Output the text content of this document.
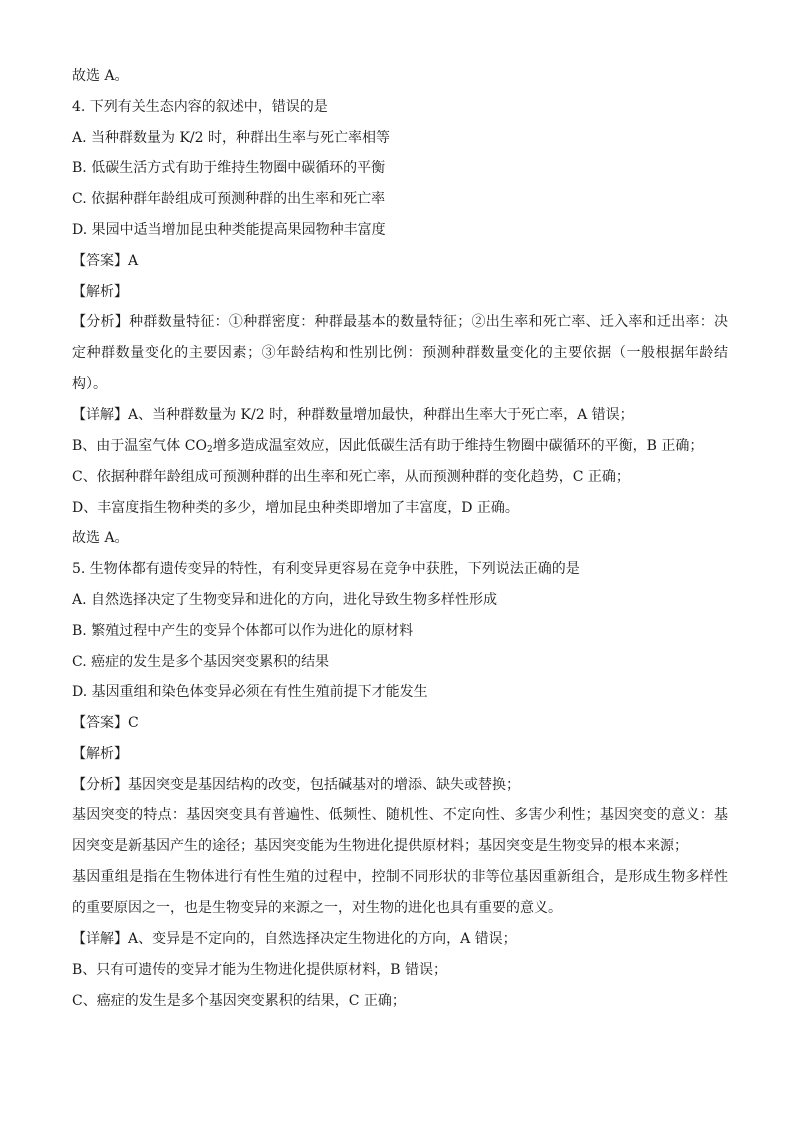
故选 A。

4. 下列有关生态内容的叙述中，错误的是

A. 当种群数量为 K/2 时，种群出生率与死亡率相等

B. 低碳生活方式有助于维持生物圈中碳循环的平衡

C. 依据种群年龄组成可预测种群的出生率和死亡率

D. 果园中适当增加昆虫种类能提高果园物种丰富度

【答案】A

【解析】

【分析】种群数量特征：①种群密度：种群最基本的数量特征；②出生率和死亡率、迁入率和迁出率：决定种群数量变化的主要因素；③年龄结构和性别比例：预测种群数量变化的主要依据（一般根据年龄结构）。

【详解】A、当种群数量为 K/2 时，种群数量增加最快，种群出生率大于死亡率，A 错误；

B、由于温室气体 $CO_2$增多造成温室效应，因此低碳生活有助于维持生物圈中碳循环的平衡，B 正确；

C、依据种群年龄组成可预测种群的出生率和死亡率，从而预测种群的变化趋势，C 正确；

D、丰富度指生物种类的多少，增加昆虫种类即增加了丰富度，D 正确。

故选 A。

5. 生物体都有遗传变异的特性，有利变异更容易在竞争中获胜，下列说法正确的是

A. 自然选择决定了生物变异和进化的方向，进化导致生物多样性形成

B. 繁殖过程中产生的变异个体都可以作为进化的原材料

C. 癌症的发生是多个基因突变累积的结果

D. 基因重组和染色体变异必须在有性生殖前提下才能发生

【答案】C

【解析】

【分析】基因突变是基因结构的改变，包括碱基对的增添、缺失或替换；

基因突变的特点：基因突变具有普遍性、低频性、随机性、不定向性、多害少利性；基因突变的意义：基因突变是新基因产生的途径；基因突变能为生物进化提供原材料；基因突变是生物变异的根本来源；

基因重组是指在生物体进行有性生殖的过程中，控制不同形状的非等位基因重新组合，是形成生物多样性的重要原因之一，也是生物变异的来源之一，对生物的进化也具有重要的意义。

【详解】A、变异是不定向的，自然选择决定生物进化的方向，A 错误；

B、只有可遗传的变异才能为生物进化提供原材料，B 错误；

C、癌症的发生是多个基因突变累积的结果，C 正确；
